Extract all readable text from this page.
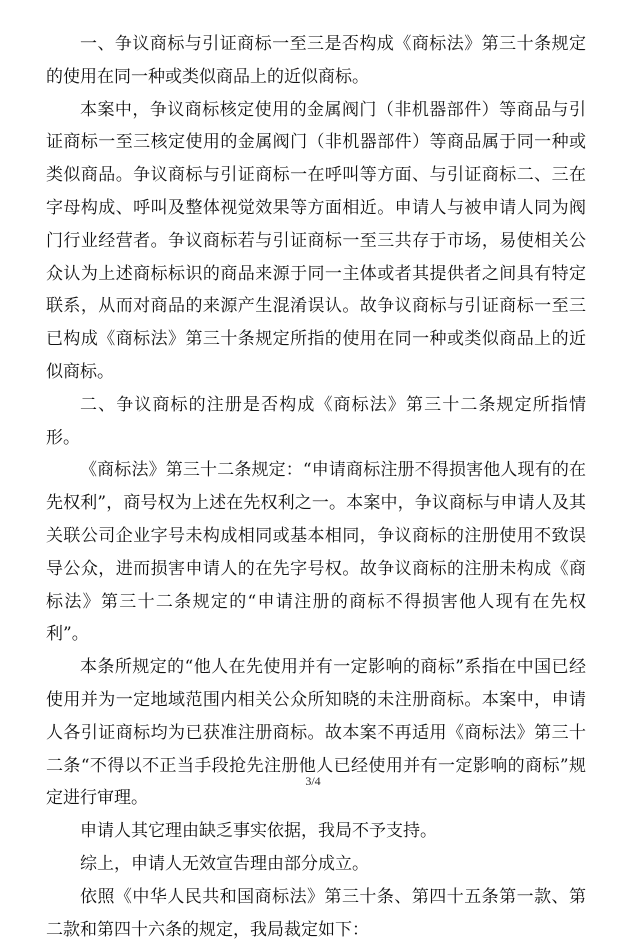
一、争议商标与引证商标一至三是否构成《商标法》第三十条规定的使用在同一种或类似商品上的近似商标。

本案中，争议商标核定使用的金属阀门（非机器部件）等商品与引证商标一至三核定使用的金属阀门（非机器部件）等商品属于同一种或类似商品。争议商标与引证商标一在呼叫等方面、与引证商标二、三在字母构成、呼叫及整体视觉效果等方面相近。申请人与被申请人同为阀门行业经营者。争议商标若与引证商标一至三共存于市场，易使相关公众认为上述商标标识的商品来源于同一主体或者其提供者之间具有特定联系，从而对商品的来源产生混淆误认。故争议商标与引证商标一至三已构成《商标法》第三十条规定所指的使用在同一种或类似商品上的近似商标。

二、争议商标的注册是否构成《商标法》第三十二条规定所指情形。

《商标法》第三十二条规定：“申请商标注册不得损害他人现有的在先权利”，商号权为上述在先权利之一。本案中，争议商标与申请人及其关联公司企业字号未构成相同或基本相同，争议商标的注册使用不致误导公众，进而损害申请人的在先字号权。故争议商标的注册未构成《商标法》第三十二条规定的“申请注册的商标不得损害他人现有在先权利”。

本条所规定的“他人在先使用并有一定影响的商标”系指在中国已经使用并为一定地域范围内相关公众所知晓的未注册商标。本案中，申请人各引证商标均为已获准注册商标。故本案不再适用《商标法》第三十二条“不得以不正当手段抢先注册他人已经使用并有一定影响的商标”规定进行审理。

申请人其它理由缺乏事实依据，我局不予支持。

综上，申请人无效宣告理由部分成立。

依照《中华人民共和国商标法》第三十条、第四十五条第一款、第二款和第四十六条的规定，我局裁定如下：

3/4
